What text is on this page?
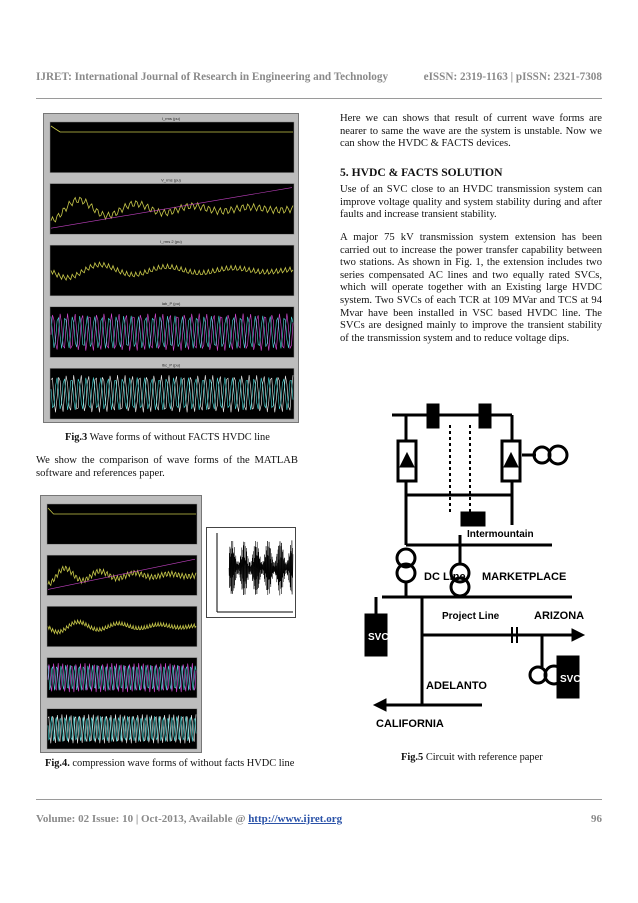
IJRET: International Journal of Research in Engineering and Technology	eISSN: 2319-1163 | pISSN: 2321-7308
I_rms (pu)
V_rms (pu)
I_rms 2 (pu)
Iab_P (pu)
Ibc_P (pu)
Fig.3 Wave forms of without FACTS HVDC line
We show the comparison of wave forms of the MATLAB software and references paper.
Fig.4. compression wave forms of without facts HVDC line
Here we can shows that result of current wave forms are nearer to same the wave are the system is unstable. Now we can show the HVDC & FACTS devices.
5. HVDC & FACTS SOLUTION
Use of an SVC close to an HVDC transmission system can improve voltage quality and system stability during and after faults and increase transient stability.
A major 75 kV transmission system extension has been carried out to increase the power transfer capability between two stations. As shown in Fig. 1, the extension includes two series compensated AC lines and two equally rated SVCs, which will operate together with an Existing large HVDC system. Two SVCs of each TCR at 109 MVar and TCS at 94 Mvar have been installed in VSC based HVDC line. The SVCs are designed mainly to improve the transient stability of the transmission system and to reduce voltage dips.
Intermountain
DC Line MARKETPLACE
Project Line	ARIZONA
SVC
SVC
ADELANTO
CALIFORNIA
Fig.5 Circuit with reference paper
Volume: 02 Issue: 10 | Oct-2013, Available @ http://www.ijret.org	96
